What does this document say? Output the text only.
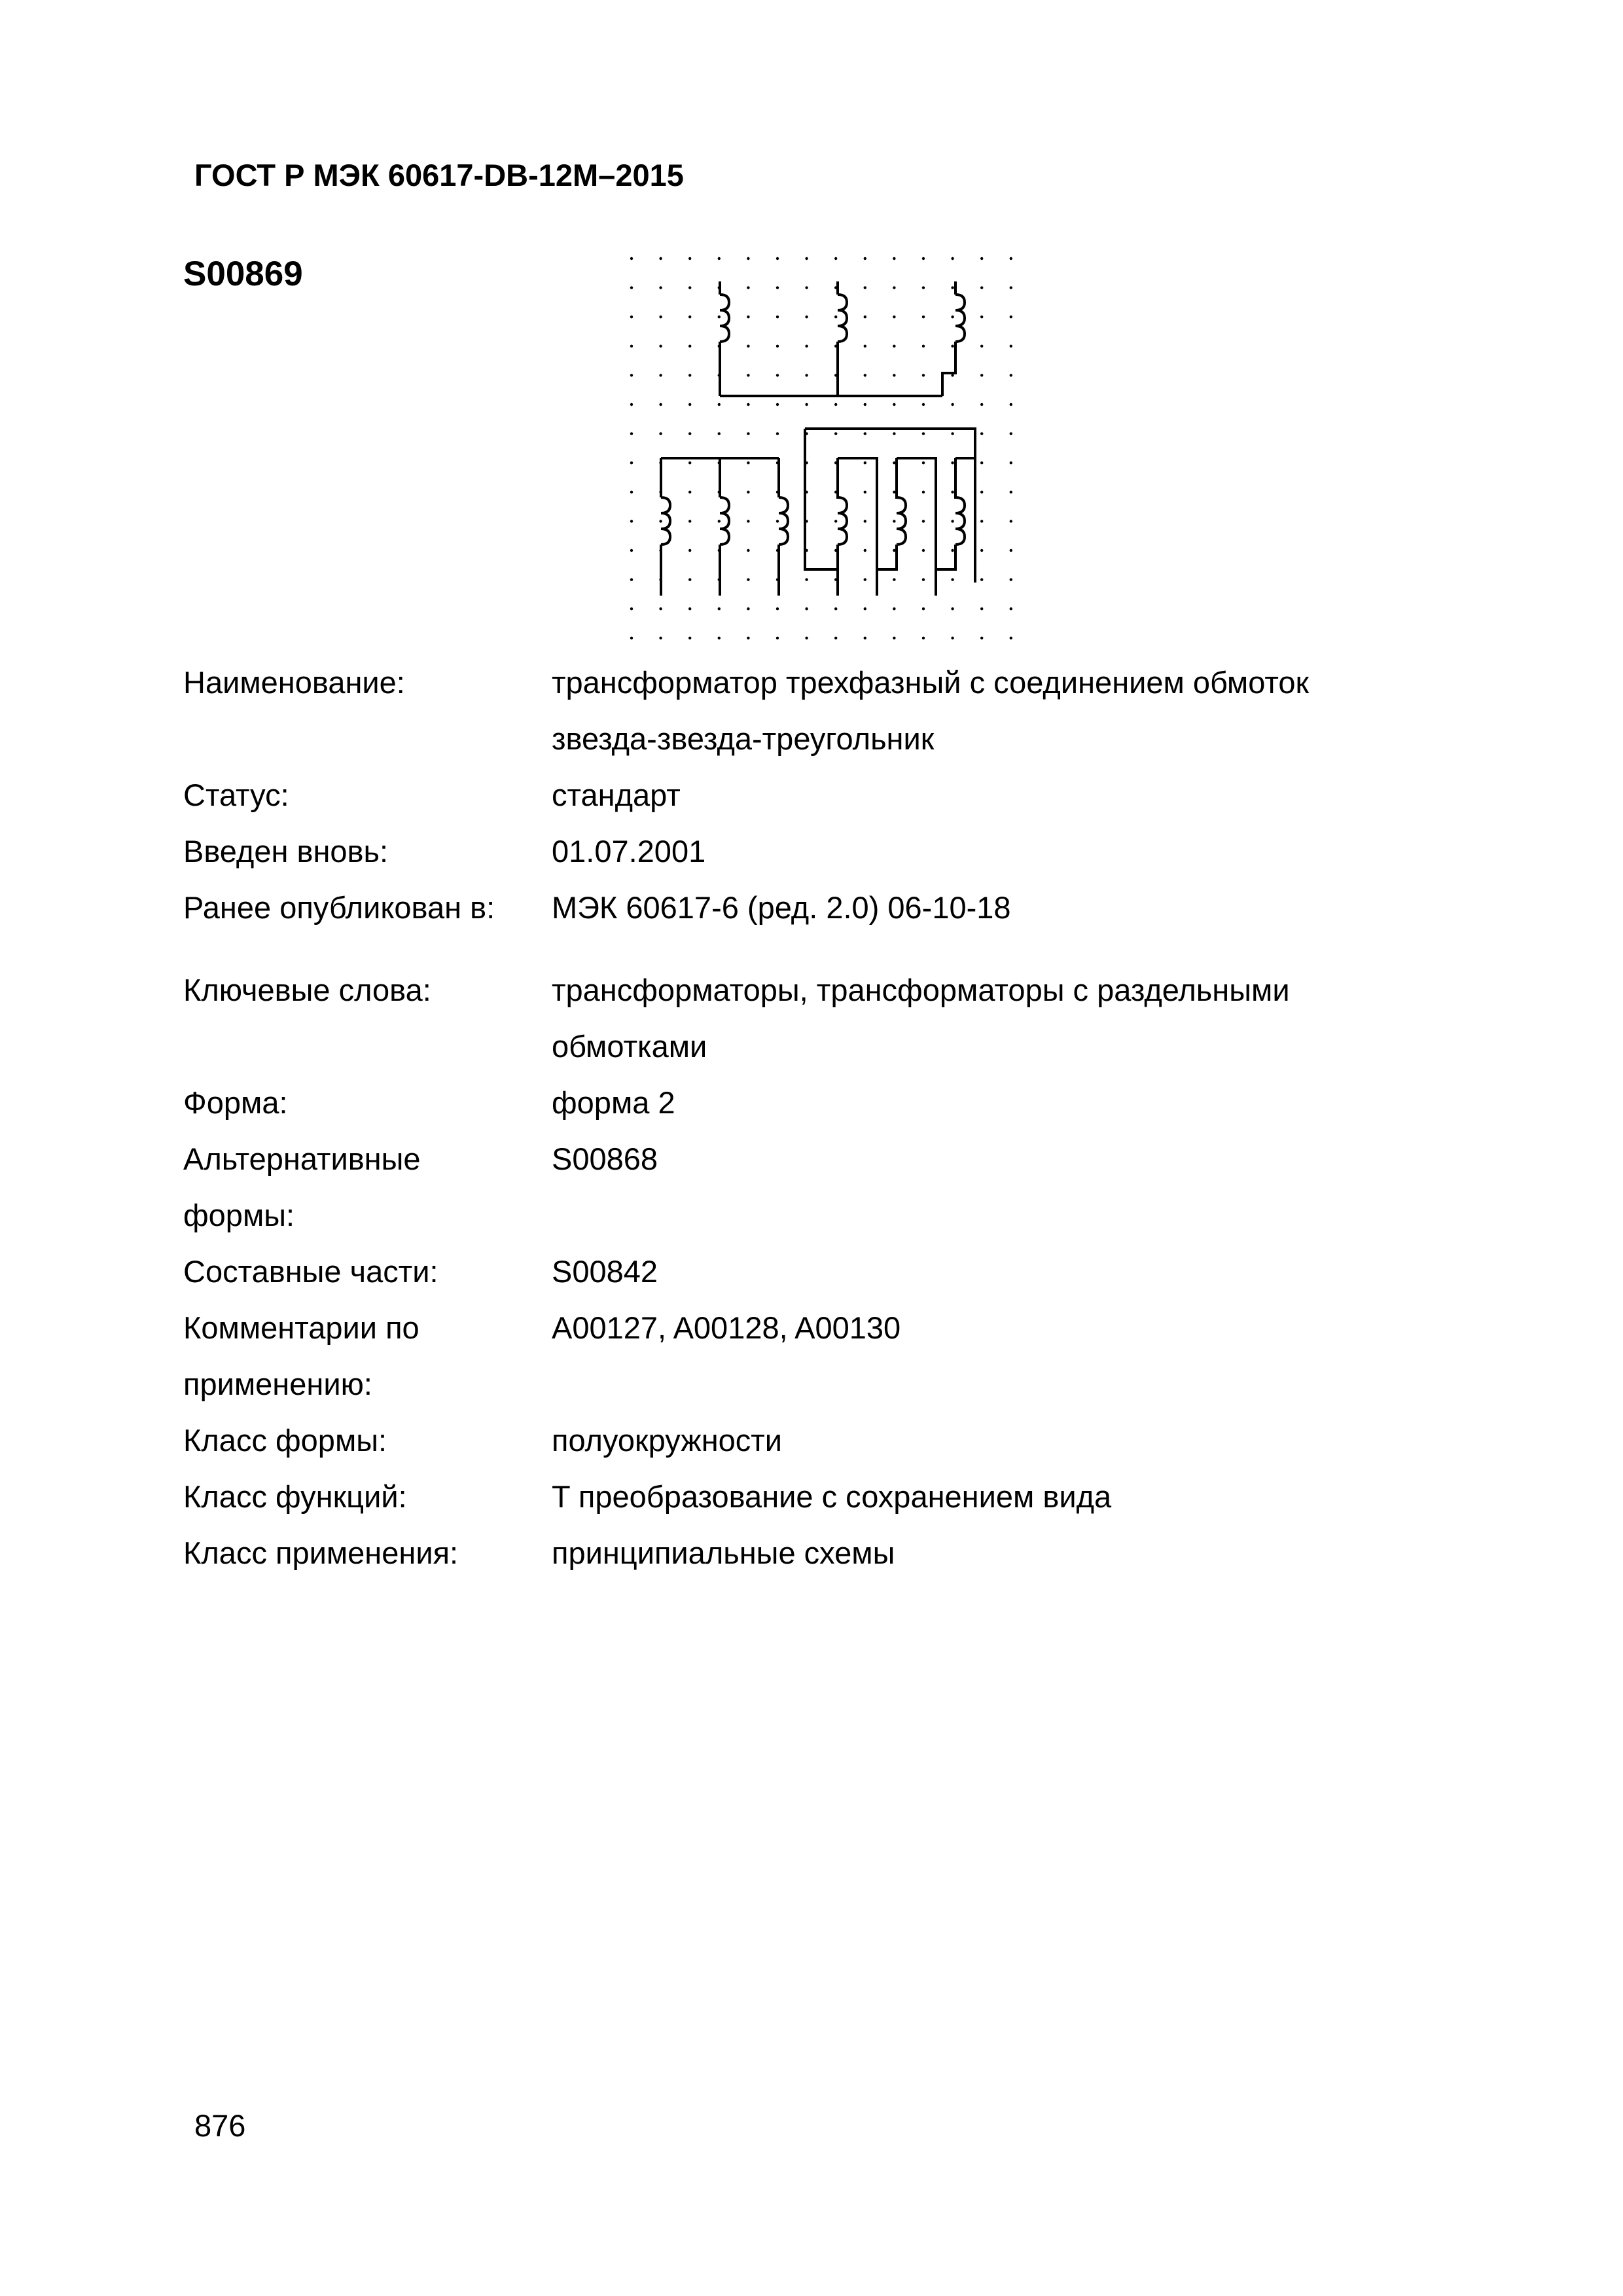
ГОСТ Р МЭК 60617-DB-12M–2015
S00869
Наименование:	трансформатор трехфазный с соединением обмоток
звезда-звезда-треугольник
Статус:	стандарт
Введен вновь:	01.07.2001
Ранее опубликован в:	МЭК 60617-6 (ред. 2.0) 06-10-18
Ключевые слова:	трансформаторы, трансформаторы с раздельными
обмотками
Форма:	форма 2
Альтернативные	S00868
формы:
Составные части:	S00842
Комментарии по	A00127, A00128, A00130
применению:
Класс формы:	полуокружности
Класс функций:	T преобразование с сохранением вида
Класс применения:	принципиальные схемы
876
